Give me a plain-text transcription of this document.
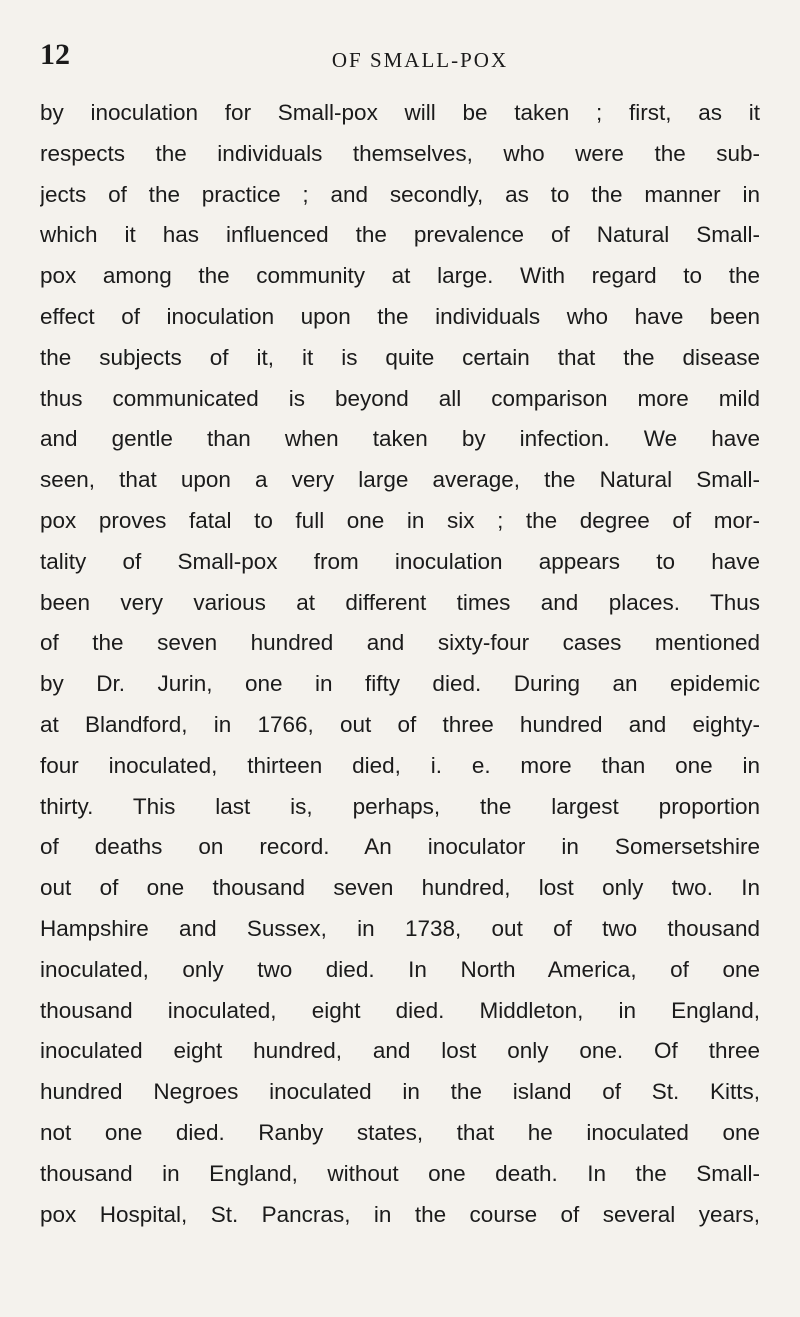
12	OF SMALL-POX
by inoculation for Small-pox will be taken ; first, as it
respects the individuals themselves, who were the sub-
jects of the practice ; and secondly, as to the manner in
which it has influenced the prevalence of Natural Small-
pox among the community at large. With regard to the
effect of inoculation upon the individuals who have been
the subjects of it, it is quite certain that the disease
thus communicated is beyond all comparison more mild
and gentle than when taken by infection. We have
seen, that upon a very large average, the Natural Small-
pox proves fatal to full one in six ; the degree of mor-
tality of Small-pox from inoculation appears to have
been very various at different times and places. Thus
of the seven hundred and sixty-four cases mentioned
by Dr. Jurin, one in fifty died. During an epidemic
at Blandford, in 1766, out of three hundred and eighty-
four inoculated, thirteen died, i. e. more than one in
thirty. This last is, perhaps, the largest proportion
of deaths on record. An inoculator in Somersetshire
out of one thousand seven hundred, lost only two. In
Hampshire and Sussex, in 1738, out of two thousand
inoculated, only two died. In North America, of one
thousand inoculated, eight died. Middleton, in England,
inoculated eight hundred, and lost only one. Of three
hundred Negroes inoculated in the island of St. Kitts,
not one died. Ranby states, that he inoculated one
thousand in England, without one death. In the Small-
pox Hospital, St. Pancras, in the course of several years,
